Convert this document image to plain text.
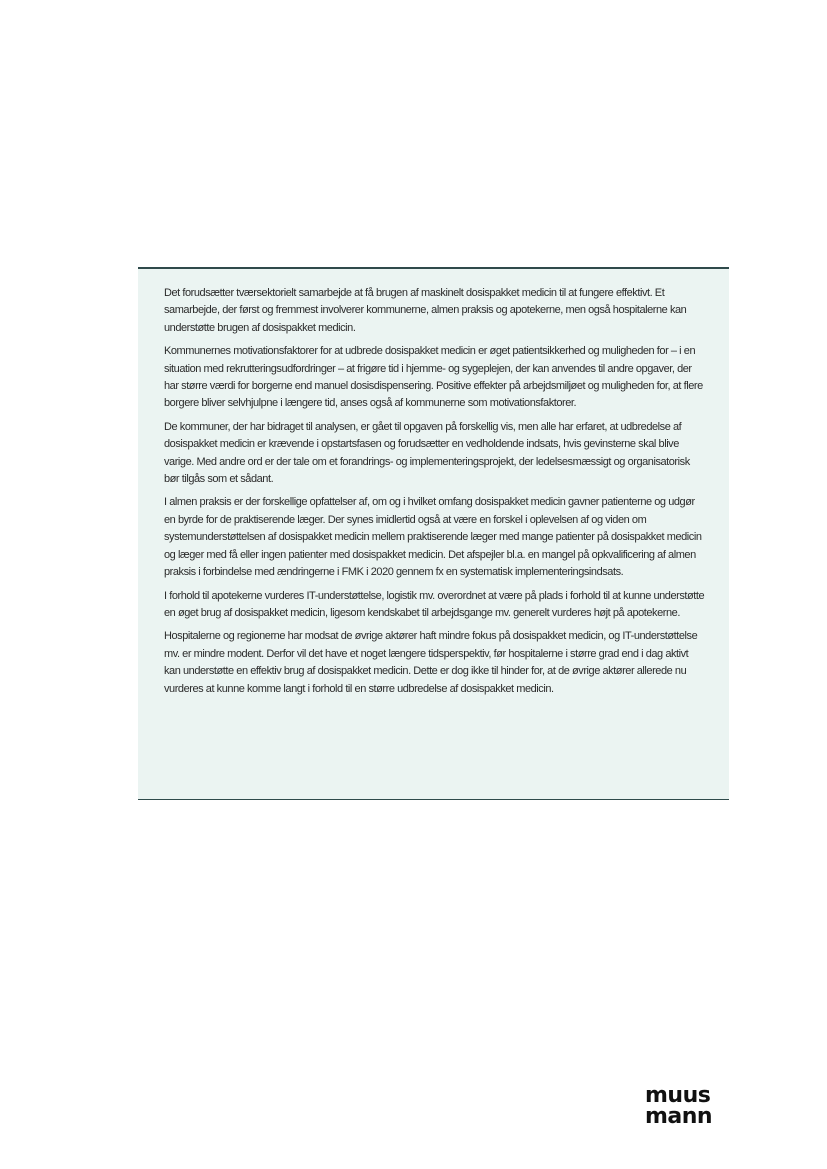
Det forudsætter tværsektorielt samarbejde at få brugen af maskinelt dosispakket medicin til at fungere effektivt. Et samarbejde, der først og fremmest involverer kommunerne, almen praksis og apotekerne, men også hospitalerne kan understøtte brugen af dosispakket medicin.

Kommunernes motivationsfaktorer for at udbrede dosispakket medicin er øget patientsikkerhed og muligheden for – i en situation med rekrutteringsudfordringer – at frigøre tid i hjemme- og sygeplejen, der kan anvendes til andre opgaver, der har større værdi for borgerne end manuel dosisdispensering. Positive effekter på arbejdsmiljøet og muligheden for, at flere borgere bliver selvhjulpne i længere tid, anses også af kommunerne som motivationsfaktorer.

De kommuner, der har bidraget til analysen, er gået til opgaven på forskellig vis, men alle har erfaret, at udbredelse af dosispakket medicin er krævende i opstartsfasen og forudsætter en vedholdende indsats, hvis gevinsterne skal blive varige. Med andre ord er der tale om et forandrings- og implementeringsprojekt, der ledelsesmæssigt og organisatorisk bør tilgås som et sådant.

I almen praksis er der forskellige opfattelser af, om og i hvilket omfang dosispakket medicin gavner patienterne og udgør en byrde for de praktiserende læger. Der synes imidlertid også at være en forskel i oplevelsen af og viden om systemunderstøttelsen af dosispakket medicin mellem praktiserende læger med mange patienter på dosispakket medicin og læger med få eller ingen patienter med dosispakket medicin. Det afspejler bl.a. en mangel på opkvalificering af almen praksis i forbindelse med ændringerne i FMK i 2020 gennem fx en systematisk implementeringsindsats.

I forhold til apotekerne vurderes IT-understøttelse, logistik mv. overordnet at være på plads i forhold til at kunne understøtte en øget brug af dosispakket medicin, ligesom kendskabet til arbejdsgange mv. generelt vurderes højt på apotekerne.

Hospitalerne og regionerne har modsat de øvrige aktører haft mindre fokus på dosispakket medicin, og IT-understøttelse mv. er mindre modent. Derfor vil det have et noget længere tidsperspektiv, før hospitalerne i større grad end i dag aktivt kan understøtte en effektiv brug af dosispakket medicin. Dette er dog ikke til hinder for, at de øvrige aktører allerede nu vurderes at kunne komme langt i forhold til en større udbredelse af dosispakket medicin.

muus
mann
